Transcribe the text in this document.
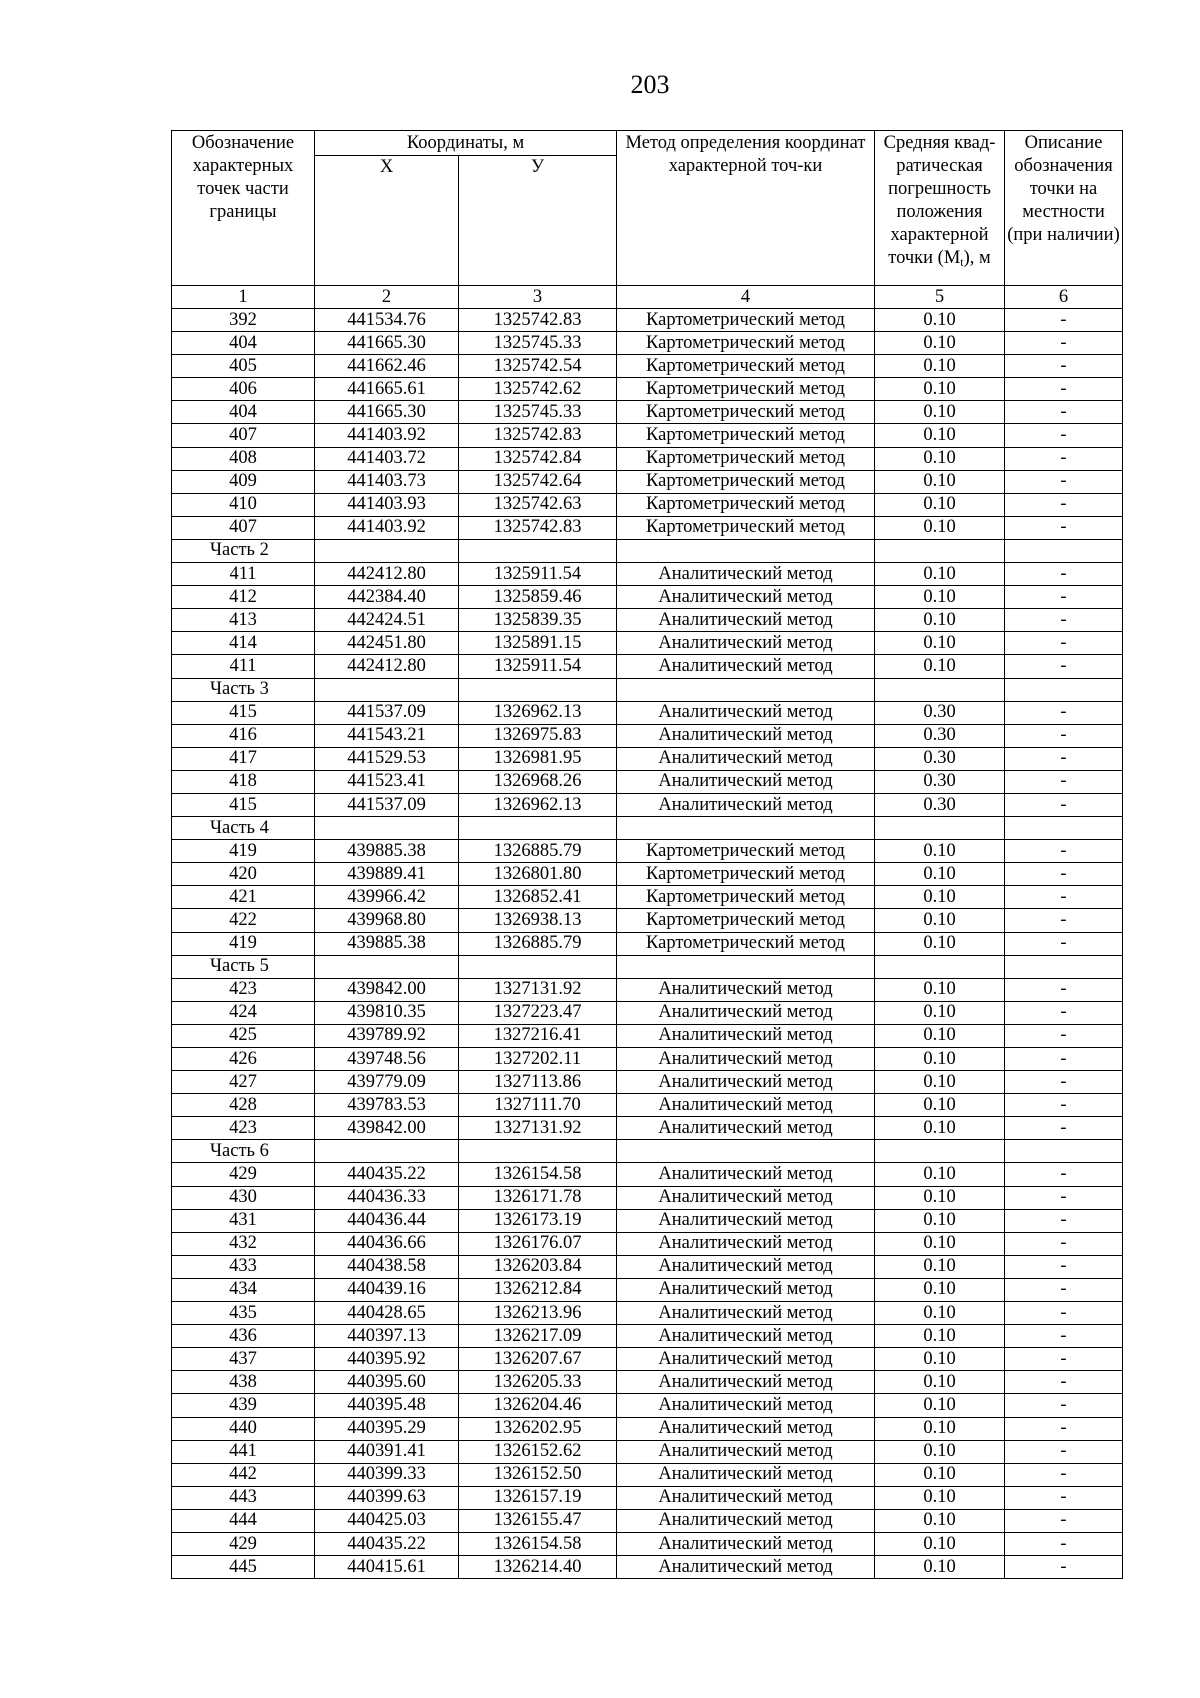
203
Обозначение характерных точек части границы	Координаты, м		Метод определения координат характерной точ-ки	Средняя квад-ратическая погрешность положения характерной точки $(М_t)$, м	Описание обозначения точки на местности (при наличии)
	Х	У			
1	2	3	4	5	6
392	441534.76	1325742.83	Картометрический метод	0.10	-
404	441665.30	1325745.33	Картометрический метод	0.10	-
405	441662.46	1325742.54	Картометрический метод	0.10	-
406	441665.61	1325742.62	Картометрический метод	0.10	-
404	441665.30	1325745.33	Картометрический метод	0.10	-
407	441403.92	1325742.83	Картометрический метод	0.10	-
408	441403.72	1325742.84	Картометрический метод	0.10	-
409	441403.73	1325742.64	Картометрический метод	0.10	-
410	441403.93	1325742.63	Картометрический метод	0.10	-
407	441403.92	1325742.83	Картометрический метод	0.10	-
Часть 2					
411	442412.80	1325911.54	Аналитический метод	0.10	-
412	442384.40	1325859.46	Аналитический метод	0.10	-
413	442424.51	1325839.35	Аналитический метод	0.10	-
414	442451.80	1325891.15	Аналитический метод	0.10	-
411	442412.80	1325911.54	Аналитический метод	0.10	-
Часть 3					
415	441537.09	1326962.13	Аналитический метод	0.30	-
416	441543.21	1326975.83	Аналитический метод	0.30	-
417	441529.53	1326981.95	Аналитический метод	0.30	-
418	441523.41	1326968.26	Аналитический метод	0.30	-
415	441537.09	1326962.13	Аналитический метод	0.30	-
Часть 4					
419	439885.38	1326885.79	Картометрический метод	0.10	-
420	439889.41	1326801.80	Картометрический метод	0.10	-
421	439966.42	1326852.41	Картометрический метод	0.10	-
422	439968.80	1326938.13	Картометрический метод	0.10	-
419	439885.38	1326885.79	Картометрический метод	0.10	-
Часть 5					
423	439842.00	1327131.92	Аналитический метод	0.10	-
424	439810.35	1327223.47	Аналитический метод	0.10	-
425	439789.92	1327216.41	Аналитический метод	0.10	-
426	439748.56	1327202.11	Аналитический метод	0.10	-
427	439779.09	1327113.86	Аналитический метод	0.10	-
428	439783.53	1327111.70	Аналитический метод	0.10	-
423	439842.00	1327131.92	Аналитический метод	0.10	-
Часть 6					
429	440435.22	1326154.58	Аналитический метод	0.10	-
430	440436.33	1326171.78	Аналитический метод	0.10	-
431	440436.44	1326173.19	Аналитический метод	0.10	-
432	440436.66	1326176.07	Аналитический метод	0.10	-
433	440438.58	1326203.84	Аналитический метод	0.10	-
434	440439.16	1326212.84	Аналитический метод	0.10	-
435	440428.65	1326213.96	Аналитический метод	0.10	-
436	440397.13	1326217.09	Аналитический метод	0.10	-
437	440395.92	1326207.67	Аналитический метод	0.10	-
438	440395.60	1326205.33	Аналитический метод	0.10	-
439	440395.48	1326204.46	Аналитический метод	0.10	-
440	440395.29	1326202.95	Аналитический метод	0.10	-
441	440391.41	1326152.62	Аналитический метод	0.10	-
442	440399.33	1326152.50	Аналитический метод	0.10	-
443	440399.63	1326157.19	Аналитический метод	0.10	-
444	440425.03	1326155.47	Аналитический метод	0.10	-
429	440435.22	1326154.58	Аналитический метод	0.10	-
445	440415.61	1326214.40	Аналитический метод	0.10	-
